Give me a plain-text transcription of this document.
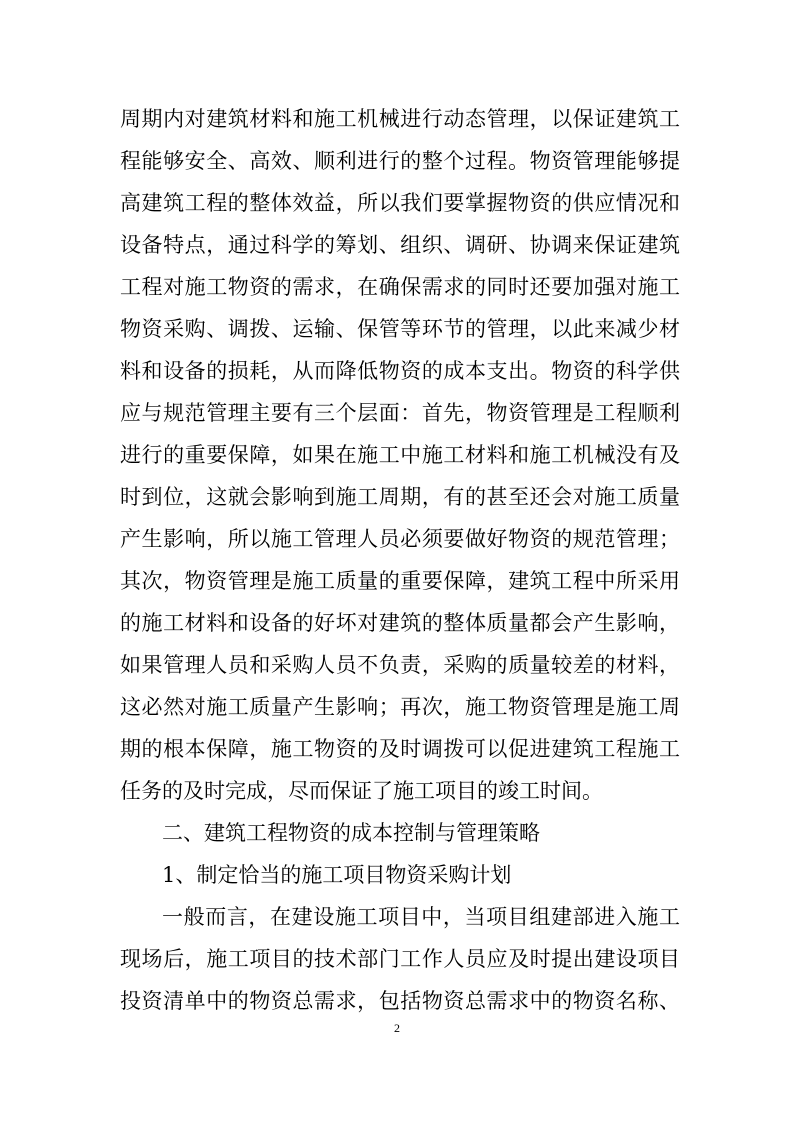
周期内对建筑材料和施工机械进行动态管理，以保证建筑工
程能够安全、高效、顺利进行的整个过程。物资管理能够提
高建筑工程的整体效益，所以我们要掌握物资的供应情况和
设备特点，通过科学的筹划、组织、调研、协调来保证建筑
工程对施工物资的需求，在确保需求的同时还要加强对施工
物资采购、调拨、运输、保管等环节的管理，以此来减少材
料和设备的损耗，从而降低物资的成本支出。物资的科学供
应与规范管理主要有三个层面：首先，物资管理是工程顺利
进行的重要保障，如果在施工中施工材料和施工机械没有及
时到位，这就会影响到施工周期，有的甚至还会对施工质量
产生影响，所以施工管理人员必须要做好物资的规范管理；
其次，物资管理是施工质量的重要保障，建筑工程中所采用
的施工材料和设备的好坏对建筑的整体质量都会产生影响，
如果管理人员和采购人员不负责，采购的质量较差的材料，
这必然对施工质量产生影响；再次，施工物资管理是施工周
期的根本保障，施工物资的及时调拨可以促进建筑工程施工
任务的及时完成，尽而保证了施工项目的竣工时间。
二、建筑工程物资的成本控制与管理策略
1、制定恰当的施工项目物资采购计划
一般而言，在建设施工项目中，当项目组建部进入施工
现场后，施工项目的技术部门工作人员应及时提出建设项目
投资清单中的物资总需求，包括物资总需求中的物资名称、
2
